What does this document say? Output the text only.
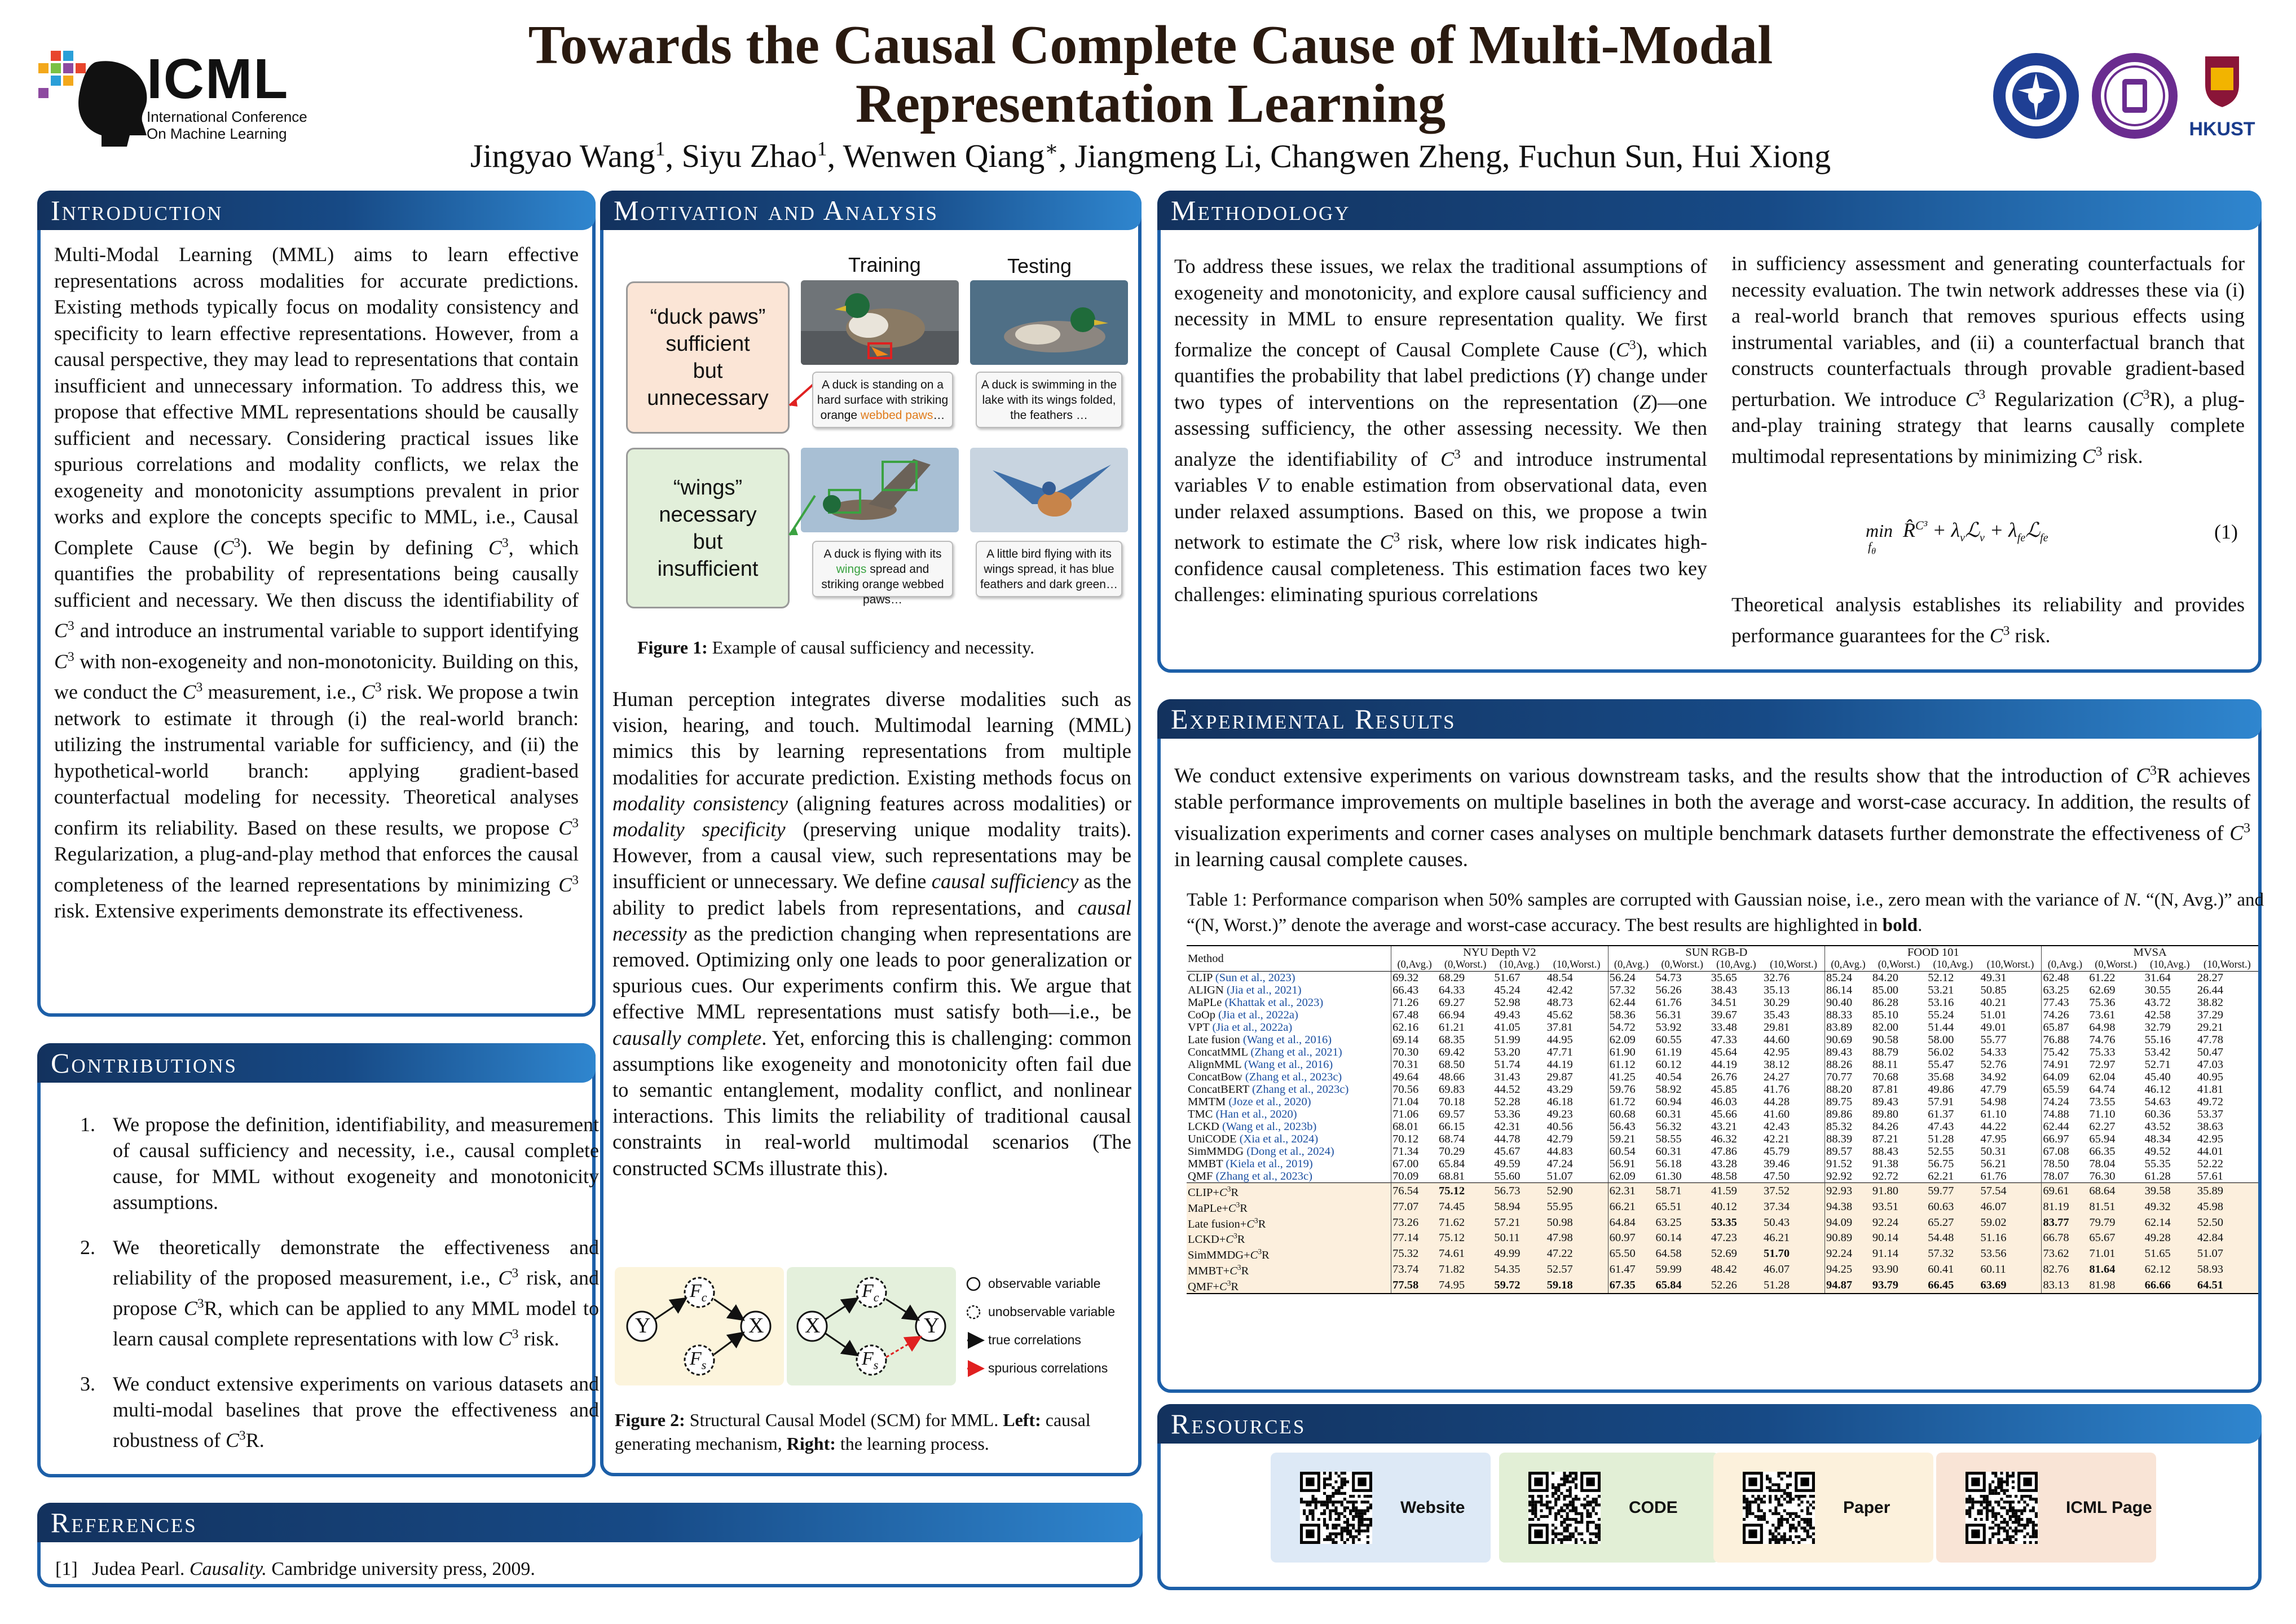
ICML
International Conference
On Machine Learning
Towards the Causal Complete Cause of Multi-Modal
Representation Learning
Jingyao Wang$^1$, Siyu Zhao$^1$, Wenwen Qiang∗, Jiangmeng Li, Changwen Zheng, Fuchun Sun, Hui Xiong
HKUST
Introduction
Multi-Modal Learning (MML) aims to learn effective representations across modalities for accurate predictions. Existing methods typically focus on modality consistency and specificity to learn effective representations. However, from a causal perspective, they may lead to representations that contain insufficient and unnecessary information. To address this, we propose that effective MML representations should be causally sufficient and necessary. Considering practical issues like spurious correlations and modality conflicts, we relax the exogeneity and monotonicity assumptions prevalent in prior works and explore the concepts specific to MML, i.e., Causal Complete Cause $(C^3)$. We begin by defining $C^3$, which quantifies the probability of representations being causally sufficient and necessary. We then discuss the identifiability of $C^3$ and introduce an instrumental variable to support identifying $C^3$ with non-exogeneity and non-monotonicity. Building on this, we conduct the $C^3$ measurement, i.e., $C^3$ risk. We propose a twin network to estimate it through (i) the real-world branch: utilizing the instrumental variable for sufficiency, and (ii) the hypothetical-world branch: applying gradient-based counterfactual modeling for necessity. Theoretical analyses confirm its reliability. Based on these results, we propose $C^3$ Regularization, a plug-and-play method that enforces the causal completeness of the learned representations by minimizing $C^3$ risk. Extensive experiments demonstrate its effectiveness.
Contributions
1. We propose the definition, identifiability, and measurement of causal sufficiency and necessity, i.e., causal complete cause, for MML without exogeneity and monotonicity assumptions.
2. We theoretically demonstrate the effectiveness and reliability of the proposed measurement, i.e., $C^3$ risk, and propose $C^3R$, which can be applied to any MML model to learn causal complete representations with low $C^3$ risk.
3. We conduct extensive experiments on various datasets and multi-modal baselines that prove the effectiveness and robustness of $C^3R$.
References
[1] Judea Pearl. Causality. Cambridge university press, 2009.
Motivation and Analysis
Training	Testing
“duck paws”
sufficient
but
unnecessary
“wings”
necessary
but
insufficient
A duck is standing on a hard surface with striking orange webbed paws…
A duck is swimming in the lake with its wings folded, the feathers …
A duck is flying with its wings spread and striking orange webbed paws…
A little bird flying with its wings spread, it has blue feathers and dark green…
Figure 1: Example of causal sufficiency and necessity.
Human perception integrates diverse modalities such as vision, hearing, and touch. Multimodal learning (MML) mimics this by learning representations from multiple modalities for accurate prediction. Existing methods focus on modality consistency (aligning features across modalities) or modality specificity (preserving unique modality traits). However, from a causal view, such representations may be insufficient or unnecessary. We define causal sufficiency as the ability to predict labels from representations, and causal necessity as the prediction changing when representations are removed. Optimizing only one leads to poor generalization or spurious cues. Our experiments confirm this. We argue that effective MML representations must satisfy both—i.e., be causally complete. Yet, enforcing this is challenging: common assumptions like exogeneity and monotonicity often fail due to semantic entanglement, modality conflict, and nonlinear interactions. This limits the reliability of traditional causal constraints in real-world multimodal scenarios (The constructed SCMs illustrate this).
Y	X
$F_c$
$F_s$
X	Y
$F_c$
$F_s$
observable variable
unobservable variable
true correlations
spurious correlations
Figure 2: Structural Causal Model (SCM) for MML. Left: causal generating mechanism, Right: the learning process.
Methodology
To address these issues, we relax the traditional assumptions of exogeneity and monotonicity, and explore causal sufficiency and necessity in MML to ensure representation quality. We first formalize the concept of Causal Complete Cause $(C^3)$, which quantifies the probability that label predictions (Y) change under two types of interventions on the representation (Z)—one assessing sufficiency, the other assessing necessity. We then analyze the identifiability of $C^3$ and introduce instrumental variables V to enable estimation from observational data, even under relaxed assumptions. Based on this, we propose a twin network to estimate the $C^3$ risk, where low risk indicates high-confidence causal completeness. This estimation faces two key challenges: eliminating spurious correlations
in sufficiency assessment and generating counterfactuals for necessity evaluation. The twin network addresses these via (i) a real-world branch that removes spurious effects using instrumental variables, and (ii) a counterfactual branch that constructs counterfactuals through provable gradient-based perturbation. We introduce $C^3$ Regularization $(C^3R)$, a plug-and-play training strategy that learns causally complete multimodal representations by minimizing $C^3$ risk.
min
$f_\theta$
R̂$^{C^3}$ + $\lambda_vℒ_v$ + $\lambda_{fe}ℒ_{fe}$	(1)
Theoretical analysis establishes its reliability and provides performance guarantees for the $C^3$ risk.
Experimental Results
We conduct extensive experiments on various downstream tasks, and the results show that the introduction of $C^3R$ achieves stable performance improvements on multiple baselines in both the average and worst-case accuracy. In addition, the results of visualization experiments and corner cases analyses on multiple benchmark datasets further demonstrate the effectiveness of $C^3$ in learning causal complete causes.
Table 1: Performance comparison when 50% samples are corrupted with Gaussian noise, i.e., zero mean with the variance of N. “(N, Avg.)” and “(N, Worst.)” denote the average and worst-case accuracy. The best results are highlighted in bold.
Method	NYU Depth V2				SUN RGB-D				FOOD 101				MVSA			
	(0,Avg.)	(0,Worst.)	(10,Avg.)	(10,Worst.)	(0,Avg.)	(0,Worst.)	(10,Avg.)	(10,Worst.)	(0,Avg.)	(0,Worst.)	(10,Avg.)	(10,Worst.)	(0,Avg.)	(0,Worst.)	(10,Avg.)	(10,Worst.)
CLIP (Sun et al., 2023)	69.32	68.29	51.67	48.54	56.24	54.73	35.65	32.76	85.24	84.20	52.12	49.31	62.48	61.22	31.64	28.27
ALIGN (Jia et al., 2021)	66.43	64.33	45.24	42.42	57.32	56.26	38.43	35.13	86.14	85.00	53.21	50.85	63.25	62.69	30.55	26.44
MaPLe (Khattak et al., 2023)	71.26	69.27	52.98	48.73	62.44	61.76	34.51	30.29	90.40	86.28	53.16	40.21	77.43	75.36	43.72	38.82
CoOp (Jia et al., 2022a)	67.48	66.94	49.43	45.62	58.36	56.31	39.67	35.43	88.33	85.10	55.24	51.01	74.26	73.61	42.58	37.29
VPT (Jia et al., 2022a)	62.16	61.21	41.05	37.81	54.72	53.92	33.48	29.81	83.89	82.00	51.44	49.01	65.87	64.98	32.79	29.21
Late fusion (Wang et al., 2016)	69.14	68.35	51.99	44.95	62.09	60.55	47.33	44.60	90.69	90.58	58.00	55.77	76.88	74.76	55.16	47.78
ConcatMML (Zhang et al., 2021)	70.30	69.42	53.20	47.71	61.90	61.19	45.64	42.95	89.43	88.79	56.02	54.33	75.42	75.33	53.42	50.47
AlignMML (Wang et al., 2016)	70.31	68.50	51.74	44.19	61.12	60.12	44.19	38.12	88.26	88.11	55.47	52.76	74.91	72.97	52.71	47.03
ConcatBow (Zhang et al., 2023c)	49.64	48.66	31.43	29.87	41.25	40.54	26.76	24.27	70.77	70.68	35.68	34.92	64.09	62.04	45.40	40.95
ConcatBERT (Zhang et al., 2023c)	70.56	69.83	44.52	43.29	59.76	58.92	45.85	41.76	88.20	87.81	49.86	47.79	65.59	64.74	46.12	41.81
MMTM (Joze et al., 2020)	71.04	70.18	52.28	46.18	61.72	60.94	46.03	44.28	89.75	89.43	57.91	54.98	74.24	73.55	54.63	49.72
TMC (Han et al., 2020)	71.06	69.57	53.36	49.23	60.68	60.31	45.66	41.60	89.86	89.80	61.37	61.10	74.88	71.10	60.36	53.37
LCKD (Wang et al., 2023b)	68.01	66.15	42.31	40.56	56.43	56.32	43.21	42.43	85.32	84.26	47.43	44.22	62.44	62.27	43.52	38.63
UniCODE (Xia et al., 2024)	70.12	68.74	44.78	42.79	59.21	58.55	46.32	42.21	88.39	87.21	51.28	47.95	66.97	65.94	48.34	42.95
SimMMDG (Dong et al., 2024)	71.34	70.29	45.67	44.83	60.54	60.31	47.86	45.79	89.57	88.43	52.55	50.31	67.08	66.35	49.52	44.01
MMBT (Kiela et al., 2019)	67.00	65.84	49.59	47.24	56.91	56.18	43.28	39.46	91.52	91.38	56.75	56.21	78.50	78.04	55.35	52.22
QMF (Zhang et al., 2023c)	70.09	68.81	55.60	51.07	62.09	61.30	48.58	47.50	92.92	92.72	62.21	61.76	78.07	76.30	61.28	57.61
$CLIP+C^3R$	76.54	75.12	56.73	52.90	62.31	58.71	41.59	37.52	92.93	91.80	59.77	57.54	69.61	68.64	39.58	35.89
$MaPLe+C^3R$	77.07	74.45	58.94	55.95	66.21	65.51	40.12	37.34	94.38	93.51	60.63	46.07	81.19	81.51	49.32	45.98
Late $fusion+C^3R$	73.26	71.62	57.21	50.98	64.84	63.25	53.35	50.43	94.09	92.24	65.27	59.02	83.77	79.79	62.14	52.50
$LCKD+C^3R$	77.14	75.12	50.11	47.98	60.97	60.14	47.23	46.21	90.89	90.14	54.48	51.16	66.78	65.67	49.28	42.84
$SimMMDG+C^3R$	75.32	74.61	49.99	47.22	65.50	64.58	52.69	51.70	92.24	91.14	57.32	53.56	73.62	71.01	51.65	51.07
$MMBT+C^3R$	73.74	71.82	54.35	52.57	61.47	59.99	48.42	46.07	94.25	93.90	60.41	60.11	82.76	81.64	62.12	58.93
$QMF+C^3R$	77.58	74.95	59.72	59.18	67.35	65.84	52.26	51.28	94.87	93.79	66.45	63.69	83.13	81.98	66.66	64.51
Resources
Website	CODE	Paper	ICML Page
